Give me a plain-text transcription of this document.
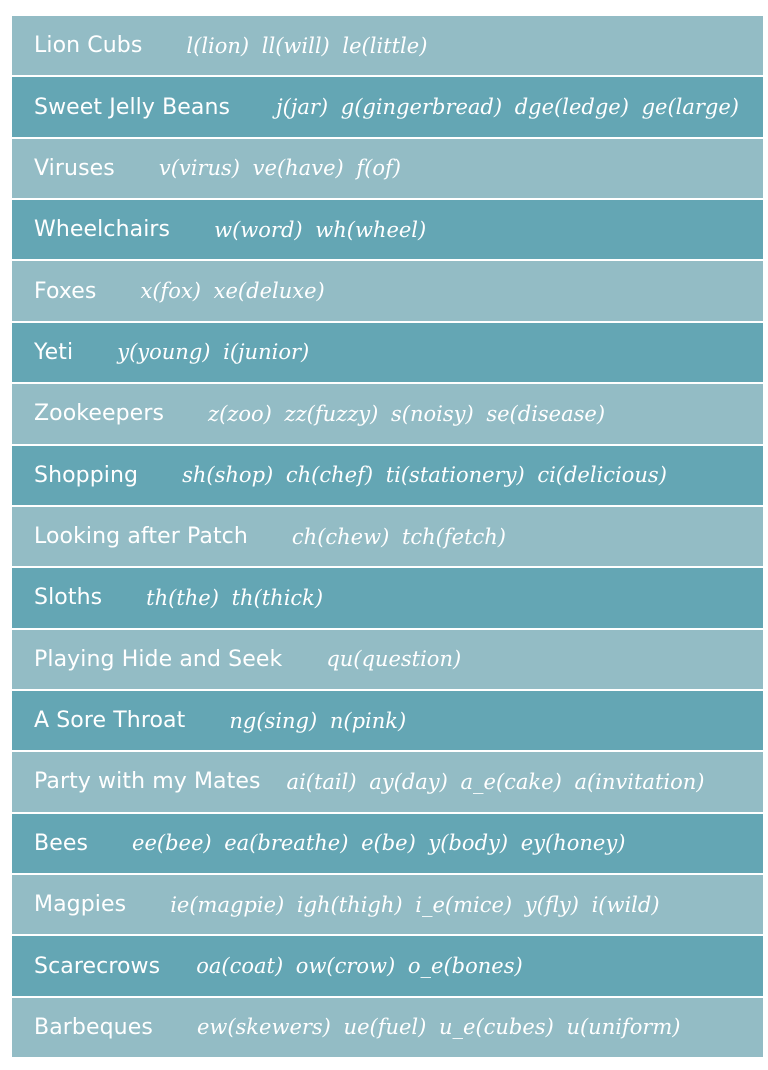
Lion Cubs l(lion) ll(will) le(little)
Sweet Jelly Beans j(jar) g(gingerbread) dge(ledge) ge(large)
Viruses v(virus) ve(have) f(of)
Wheelchairs w(word) wh(wheel)
Foxes x(fox) xe(deluxe)
Yeti y(young) i(junior)
Zookeepers z(zoo) zz(fuzzy) s(noisy) se(disease)
Shopping sh(shop) ch(chef) ti(stationery) ci(delicious)
Looking after Patch ch(chew) tch(fetch)
Sloths th(the) th(thick)
Playing Hide and Seek qu(question)
A Sore Throat ng(sing) n(pink)
Party with my Mates ai(tail) ay(day) a_e(cake) a(invitation)
Bees ee(bee) ea(breathe) e(be) y(body) ey(honey)
Magpies ie(magpie) igh(thigh) i_e(mice) y(fly) i(wild)
Scarecrows oa(coat) ow(crow) o_e(bones)
Barbeques ew(skewers) ue(fuel) u_e(cubes) u(uniform)
